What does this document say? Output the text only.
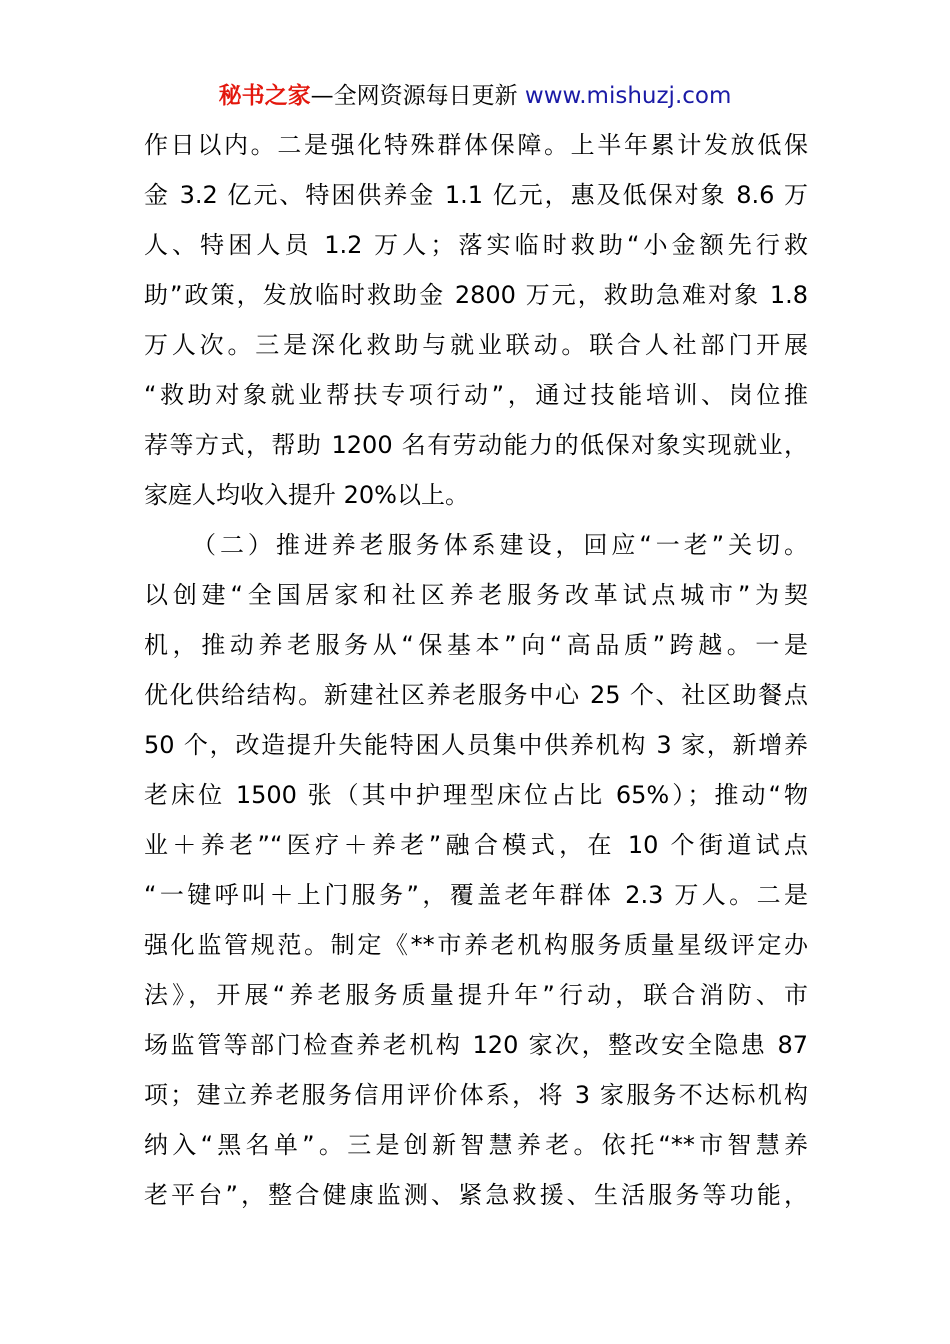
秘书之家—全网资源每日更新 www.mishuzj.com
作日以内。二是强化特殊群体保障。上半年累计发放低保
金 3.2 亿元、特困供养金 1.1 亿元，惠及低保对象 8.6 万
人、特困人员 1.2 万人；落实临时救助“小金额先行救
助”政策，发放临时救助金 2800 万元，救助急难对象 1.8
万人次。三是深化救助与就业联动。联合人社部门开展
“救助对象就业帮扶专项行动”，通过技能培训、岗位推
荐等方式，帮助 1200 名有劳动能力的低保对象实现就业，
家庭人均收入提升 20%以上。
（二）推进养老服务体系建设，回应“一老”关切。
以创建“全国居家和社区养老服务改革试点城市”为契
机，推动养老服务从“保基本”向“高品质”跨越。一是
优化供给结构。新建社区养老服务中心 25 个、社区助餐点
50 个，改造提升失能特困人员集中供养机构 3 家，新增养
老床位 1500 张（其中护理型床位占比 65%）；推动“物
业＋养老”“医疗＋养老”融合模式，在 10 个街道试点
“一键呼叫＋上门服务”，覆盖老年群体 2.3 万人。二是
强化监管规范。制定《**市养老机构服务质量星级评定办
法》，开展“养老服务质量提升年”行动，联合消防、市
场监管等部门检查养老机构 120 家次，整改安全隐患 87
项；建立养老服务信用评价体系，将 3 家服务不达标机构
纳入“黑名单”。三是创新智慧养老。依托“**市智慧养
老平台”，整合健康监测、紧急救援、生活服务等功能，
